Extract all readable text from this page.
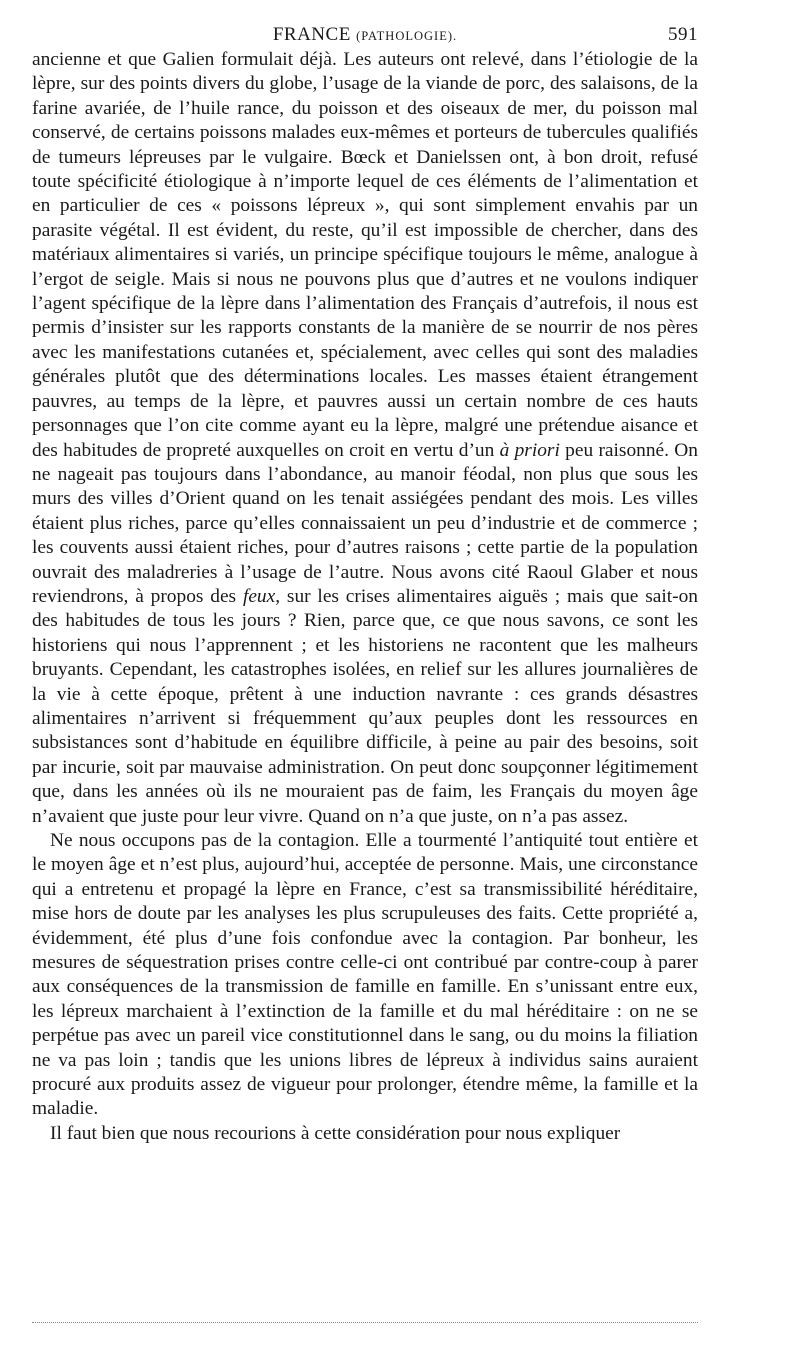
FRANCE (PATHOLOGIE).	591

ancienne et que Galien formulait déjà. Les auteurs ont relevé, dans l’étiologie de la lèpre, sur des points divers du globe, l’usage de la viande de porc, des salaisons, de la farine avariée, de l’huile rance, du poisson et des oiseaux de mer, du poisson mal conservé, de certains poissons malades eux-mêmes et porteurs de tubercules qualifiés de tumeurs lépreuses par le vulgaire. Bœck et Danielssen ont, à bon droit, refusé toute spécificité étiologique à n’importe lequel de ces éléments de l’alimentation et en particulier de ces « poissons lépreux », qui sont simplement envahis par un parasite végétal. Il est évident, du reste, qu’il est impossible de chercher, dans des matériaux alimentaires si variés, un principe spécifique toujours le même, analogue à l’ergot de seigle. Mais si nous ne pouvons plus que d’autres et ne voulons indiquer l’agent spécifique de la lèpre dans l’alimentation des Français d’autrefois, il nous est permis d’insister sur les rapports constants de la manière de se nourrir de nos pères avec les manifestations cutanées et, spécialement, avec celles qui sont des maladies générales plutôt que des déterminations locales. Les masses étaient étrangement pauvres, au temps de la lèpre, et pauvres aussi un certain nombre de ces hauts personnages que l’on cite comme ayant eu la lèpre, malgré une prétendue aisance et des habitudes de propreté auxquelles on croit en vertu d’un à priori peu raisonné. On ne nageait pas toujours dans l’abondance, au manoir féodal, non plus que sous les murs des villes d’Orient quand on les tenait assiégées pendant des mois. Les villes étaient plus riches, parce qu’elles connaissaient un peu d’industrie et de commerce ; les couvents aussi étaient riches, pour d’autres raisons ; cette partie de la population ouvrait des maladreries à l’usage de l’autre. Nous avons cité Raoul Glaber et nous reviendrons, à propos des feux, sur les crises alimentaires aiguës ; mais que sait-on des habitudes de tous les jours ? Rien, parce que, ce que nous savons, ce sont les historiens qui nous l’apprennent ; et les historiens ne racontent que les malheurs bruyants. Cependant, les catastrophes isolées, en relief sur les allures journalières de la vie à cette époque, prêtent à une induction navrante : ces grands désastres alimentaires n’arrivent si fréquemment qu’aux peuples dont les ressources en subsistances sont d’habitude en équilibre difficile, à peine au pair des besoins, soit par incurie, soit par mauvaise administration. On peut donc soupçonner légitimement que, dans les années où ils ne mouraient pas de faim, les Français du moyen âge n’avaient que juste pour leur vivre. Quand on n’a que juste, on n’a pas assez.

Ne nous occupons pas de la contagion. Elle a tourmenté l’antiquité tout entière et le moyen âge et n’est plus, aujourd’hui, acceptée de personne. Mais, une circonstance qui a entretenu et propagé la lèpre en France, c’est sa transmissibilité héréditaire, mise hors de doute par les analyses les plus scrupuleuses des faits. Cette propriété a, évidemment, été plus d’une fois confondue avec la contagion. Par bonheur, les mesures de séquestration prises contre celle-ci ont contribué par contre-coup à parer aux conséquences de la transmission de famille en famille. En s’unissant entre eux, les lépreux marchaient à l’extinction de la famille et du mal héréditaire : on ne se perpétue pas avec un pareil vice constitutionnel dans le sang, ou du moins la filiation ne va pas loin ; tandis que les unions libres de lépreux à individus sains auraient procuré aux produits assez de vigueur pour prolonger, étendre même, la famille et la maladie.

Il faut bien que nous recourions à cette considération pour nous expliquer
